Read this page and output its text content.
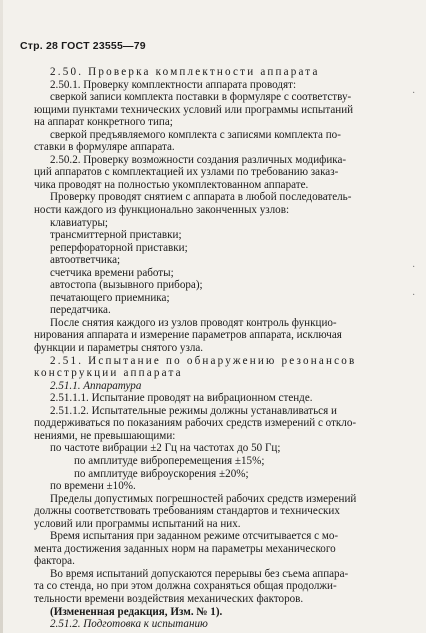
Стр. 28 ГОСТ 23555—79
2.50. Проверка комплектности аппарата
2.50.1. Проверку комплектности аппарата проводят:
сверкой записи комплекта поставки в формуляре с соответству-
ющими пунктами технических условий или программы испытаний
на аппарат конкретного типа;
сверкой предъявляемого комплекта с записями комплекта по-
ставки в формуляре аппарата.
2.50.2. Проверку возможности создания различных модифика-
ций аппаратов с комплектацией их узлами по требованию заказ-
чика проводят на полностью укомплектованном аппарате.
Проверку проводят снятием с аппарата в любой последователь-
ности каждого из функционально законченных узлов:
клавиатуры;
трансмиттерной приставки;
реперфораторной приставки;
автоответчика;
счетчика времени работы;
автостопа (вызывного прибора);
печатающего приемника;
передатчика.
После снятия каждого из узлов проводят контроль функцио-
нирования аппарата и измерение параметров аппарата, исключая
функции и параметры снятого узла.
2.51. Испытание по обнаружению резонансов
конструкции аппарата
2.51.1. Аппаратура
2.51.1.1. Испытание проводят на вибрационном стенде.
2.51.1.2. Испытательные режимы должны устанавливаться и
поддерживаться по показаниям рабочих средств измерений с откло-
нениями, не превышающими:
по частоте вибрации ±2 Гц на частотах до 50 Гц;
по амплитуде виброперемещения ±15%;
по амплитуде виброускорения ±20%;
по времени ±10%.
Пределы допустимых погрешностей рабочих средств измерений
должны соответствовать требованиям стандартов и технических
условий или программы испытаний на них.
Время испытания при заданном режиме отсчитывается с мо-
мента достижения заданных норм на параметры механического
фактора.
Во время испытаний допускаются перерывы без съема аппара-
та со стенда, но при этом должна сохраняться общая продолжи-
тельности времени воздействия механических факторов.
(Измененная редакция, Изм. № 1).
2.51.2. Подготовка к испытанию
·
·
·
